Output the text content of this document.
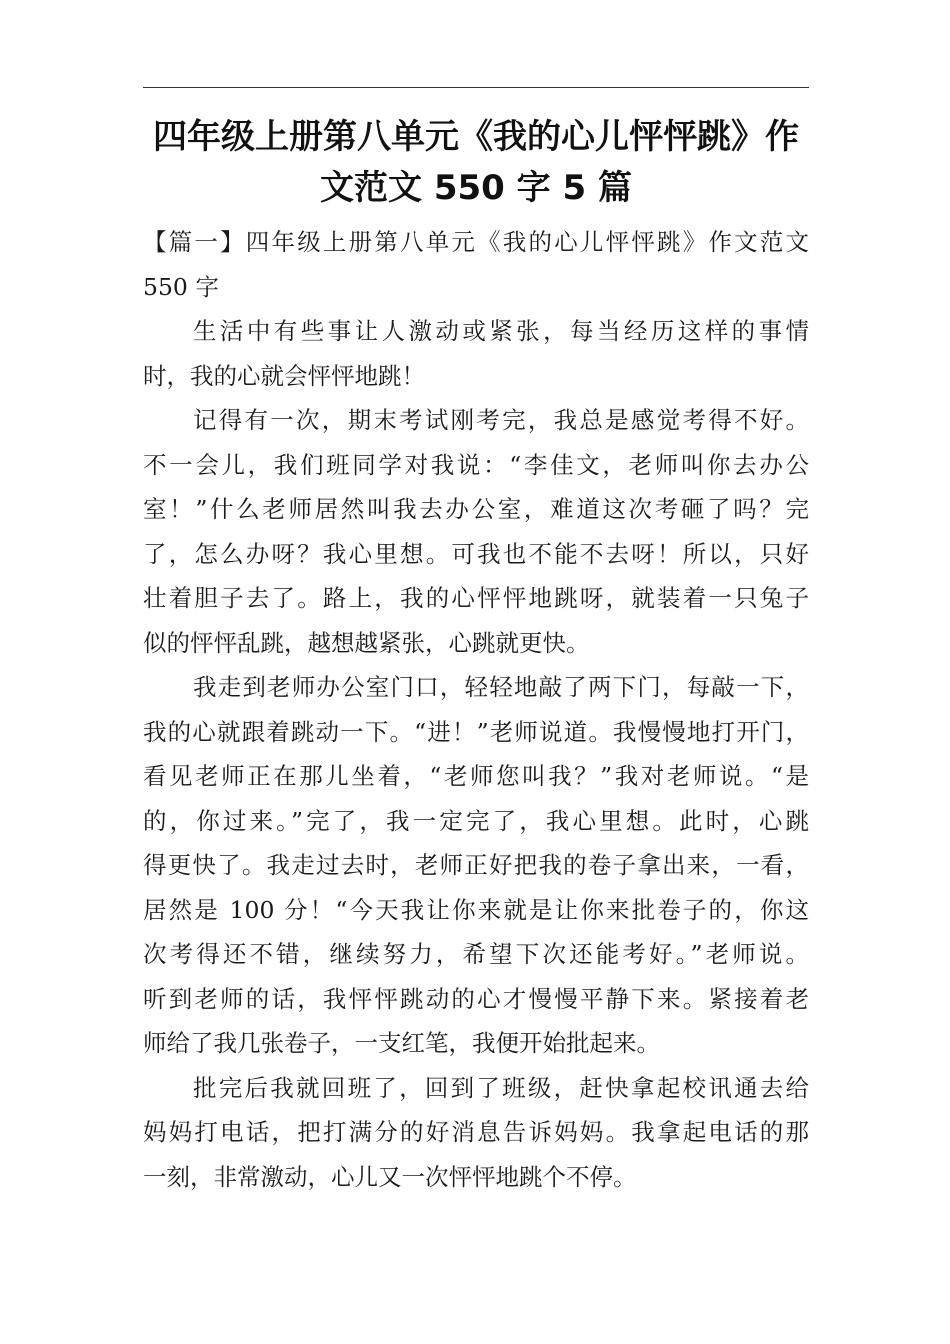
四年级上册第八单元《我的心儿怦怦跳》作
文范文 550 字 5 篇
【篇一】四年级上册第八单元《我的心儿怦怦跳》作文范文
550 字
生活中有些事让人激动或紧张，每当经历这样的事情
时，我的心就会怦怦地跳！
记得有一次，期末考试刚考完，我总是感觉考得不好。
不一会儿，我们班同学对我说：“李佳文，老师叫你去办公
室！”什么老师居然叫我去办公室，难道这次考砸了吗？完
了，怎么办呀？我心里想。可我也不能不去呀！所以，只好
壮着胆子去了。路上，我的心怦怦地跳呀，就装着一只兔子
似的怦怦乱跳，越想越紧张，心跳就更快。
我走到老师办公室门口，轻轻地敲了两下门，每敲一下，
我的心就跟着跳动一下。“进！”老师说道。我慢慢地打开门，
看见老师正在那儿坐着，“老师您叫我？”我对老师说。“是
的，你过来。”完了，我一定完了，我心里想。此时，心跳
得更快了。我走过去时，老师正好把我的卷子拿出来，一看，
居然是 100 分！“今天我让你来就是让你来批卷子的，你这
次考得还不错，继续努力，希望下次还能考好。”老师说。
听到老师的话，我怦怦跳动的心才慢慢平静下来。紧接着老
师给了我几张卷子，一支红笔，我便开始批起来。
批完后我就回班了，回到了班级，赶快拿起校讯通去给
妈妈打电话，把打满分的好消息告诉妈妈。我拿起电话的那
一刻，非常激动，心儿又一次怦怦地跳个不停。
